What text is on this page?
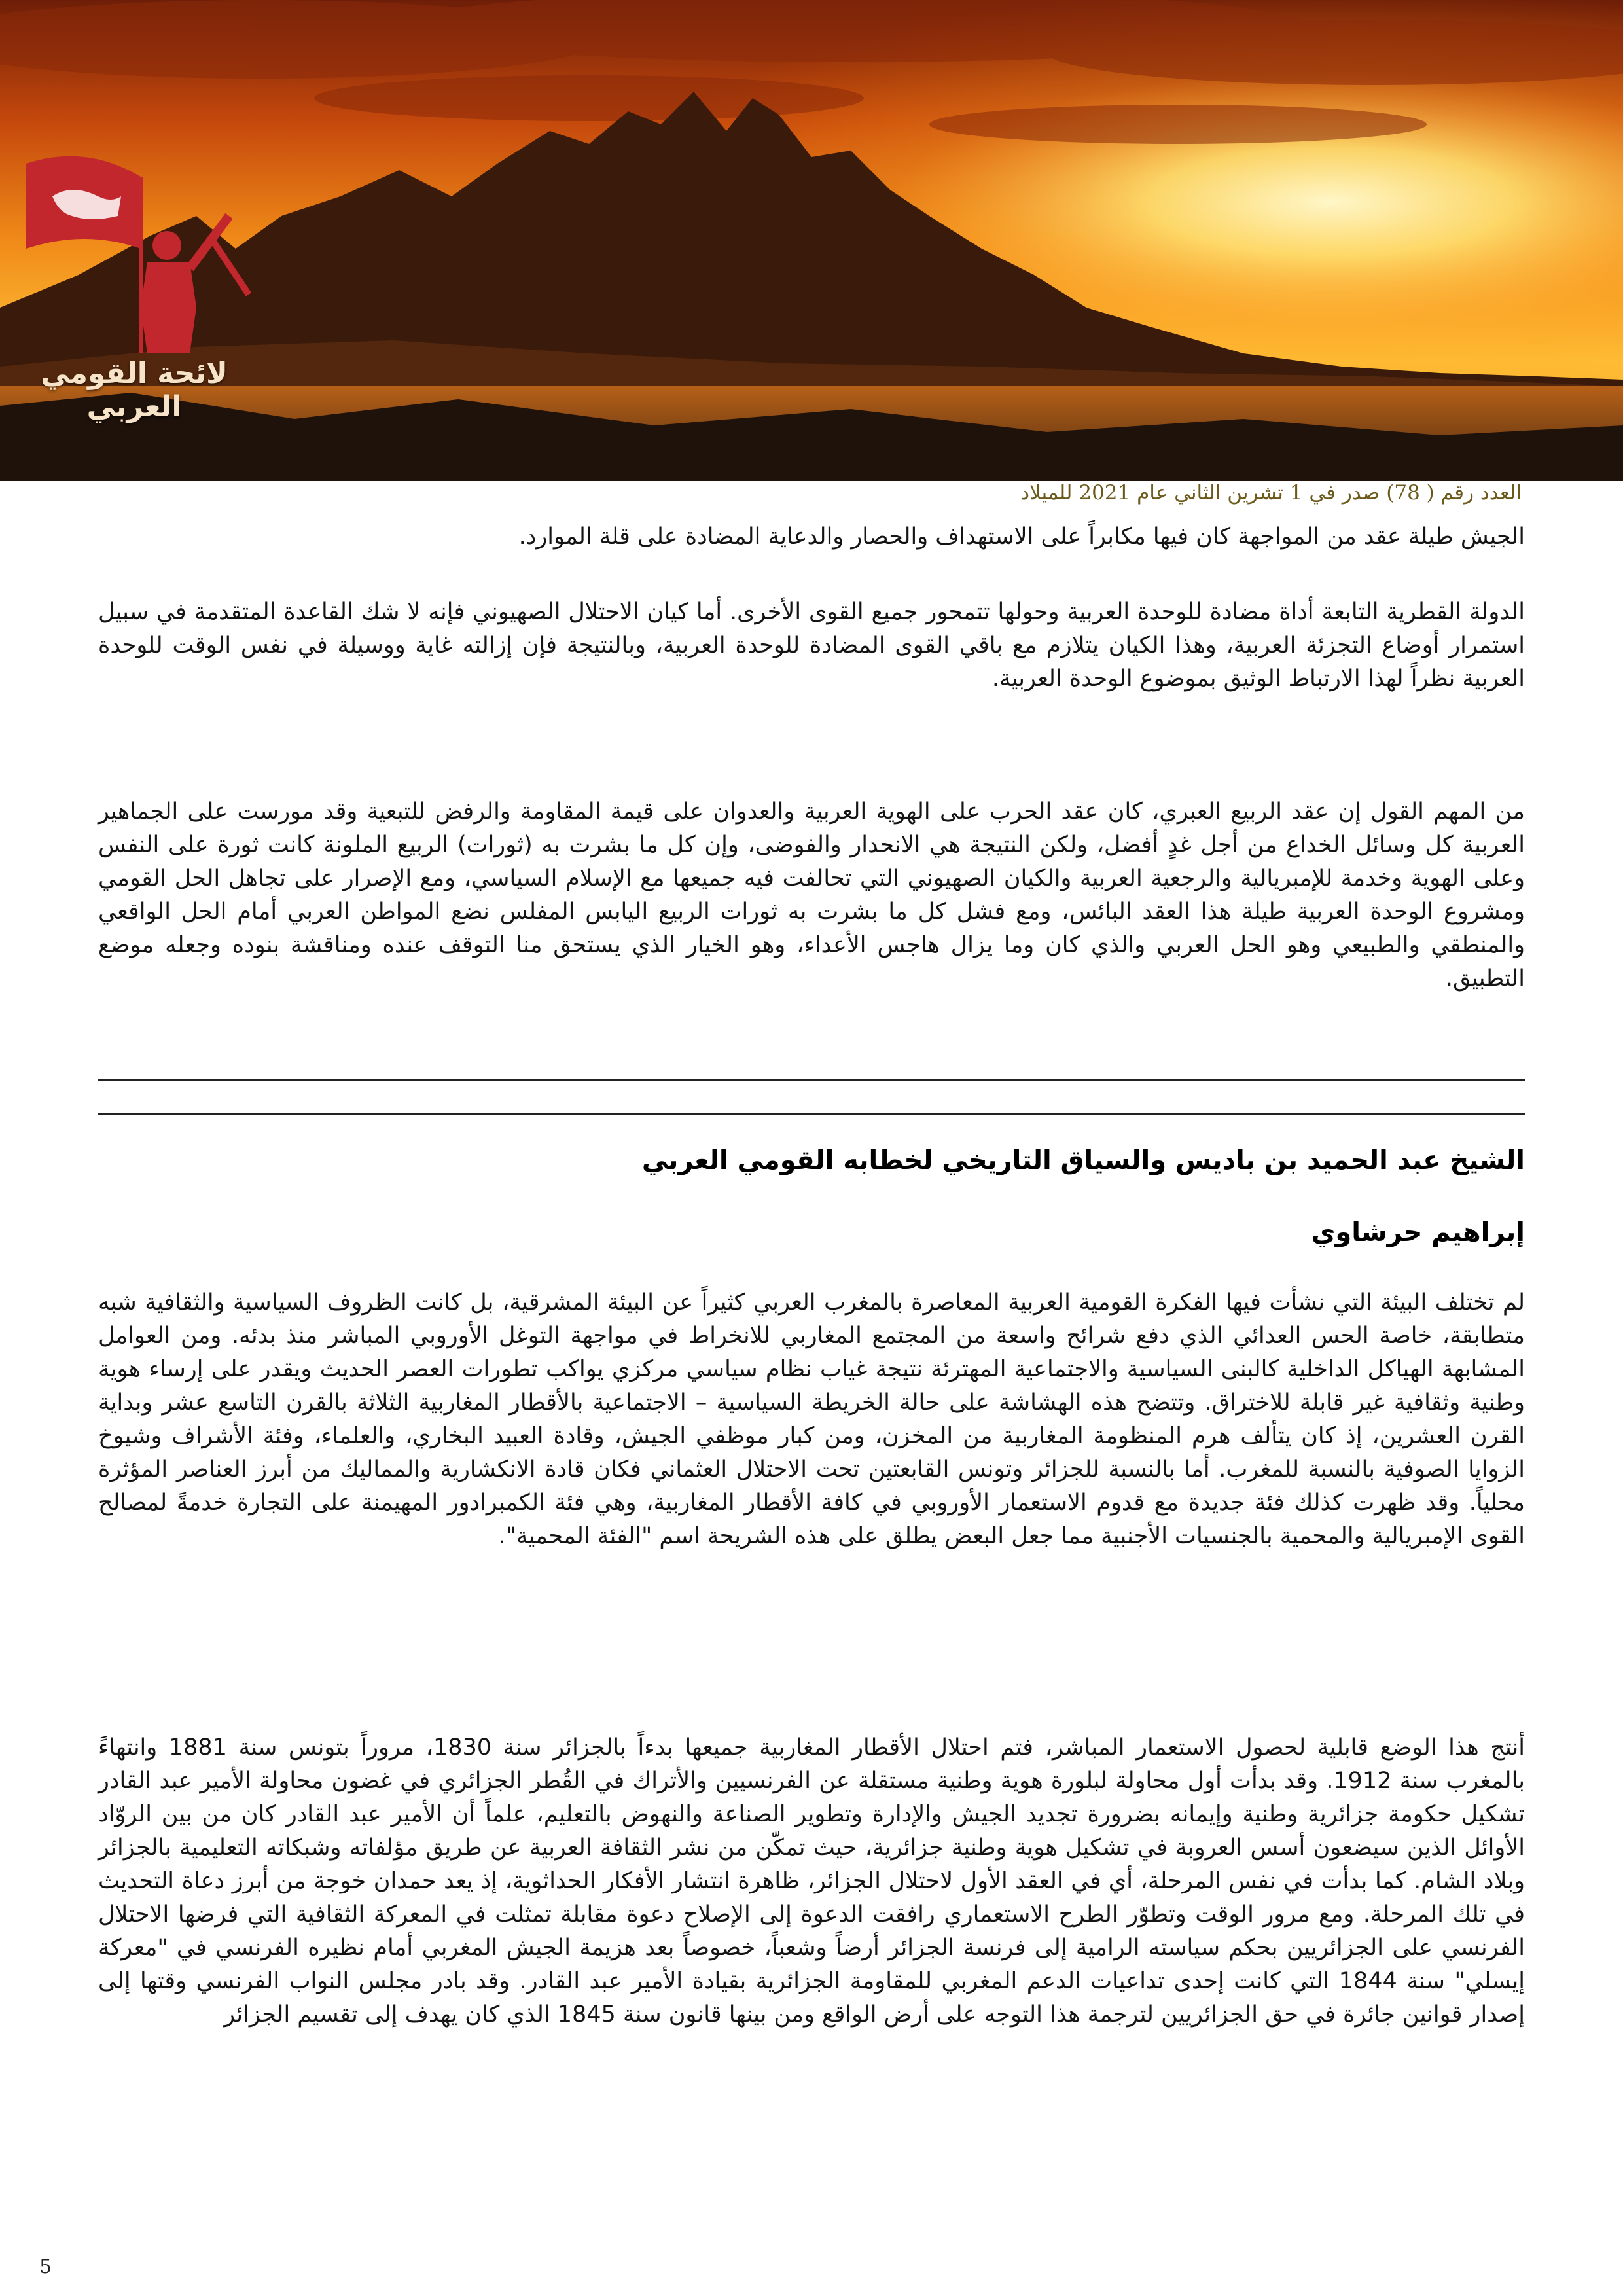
لائحة القومي العربي
العدد رقم ( 78) صدر في 1 تشرين الثاني عام 2021 للميلاد

الجيش طيلة عقد من المواجهة كان فيها مكابراً على الاستهداف والحصار والدعاية المضادة على قلة الموارد.

الدولة القطرية التابعة أداة مضادة للوحدة العربية وحولها تتمحور جميع القوى الأخرى. أما كيان الاحتلال الصهيوني فإنه لا شك القاعدة المتقدمة في سبيل استمرار أوضاع التجزئة العربية، وهذا الكيان يتلازم مع باقي القوى المضادة للوحدة العربية، وبالنتيجة فإن إزالته غاية ووسيلة في نفس الوقت للوحدة العربية نظراً لهذا الارتباط الوثيق بموضوع الوحدة العربية.

من المهم القول إن عقد الربيع العبري، كان عقد الحرب على الهوية العربية والعدوان على قيمة المقاومة والرفض للتبعية وقد مورست على الجماهير العربية كل وسائل الخداع من أجل غدٍ أفضل، ولكن النتيجة هي الانحدار والفوضى، وإن كل ما بشرت به (ثورات) الربيع الملونة كانت ثورة على النفس وعلى الهوية وخدمة للإمبريالية والرجعية العربية والكيان الصهيوني التي تحالفت فيه جميعها مع الإسلام السياسي، ومع الإصرار على تجاهل الحل القومي ومشروع الوحدة العربية طيلة هذا العقد البائس، ومع فشل كل ما بشرت به ثورات الربيع اليابس المفلس نضع المواطن العربي أمام الحل الواقعي والمنطقي والطبيعي وهو الحل العربي والذي كان وما يزال هاجس الأعداء، وهو الخيار الذي يستحق منا التوقف عنده ومناقشة بنوده وجعله موضع التطبيق.

الشيخ عبد الحميد بن باديس والسياق التاريخي لخطابه القومي العربي
إبراهيم حرشاوي

لم تختلف البيئة التي نشأت فيها الفكرة القومية العربية المعاصرة بالمغرب العربي كثيراً عن البيئة المشرقية، بل كانت الظروف السياسية والثقافية شبه متطابقة، خاصة الحس العدائي الذي دفع شرائح واسعة من المجتمع المغاربي للانخراط في مواجهة التوغل الأوروبي المباشر منذ بدئه. ومن العوامل المشابهة الهياكل الداخلية كالبنى السياسية والاجتماعية المهترئة نتيجة غياب نظام سياسي مركزي يواكب تطورات العصر الحديث ويقدر على إرساء هوية وطنية وثقافية غير قابلة للاختراق. وتتضح هذه الهشاشة على حالة الخريطة السياسية – الاجتماعية بالأقطار المغاربية الثلاثة بالقرن التاسع عشر وبداية القرن العشرين، إذ كان يتألف هرم المنظومة المغاربية من المخزن، ومن كبار موظفي الجيش، وقادة العبيد البخاري، والعلماء، وفئة الأشراف وشيوخ الزوايا الصوفية بالنسبة للمغرب. أما بالنسبة للجزائر وتونس القابعتين تحت الاحتلال العثماني فكان قادة الانكشارية والمماليك من أبرز العناصر المؤثرة محلياً. وقد ظهرت كذلك فئة جديدة مع قدوم الاستعمار الأوروبي في كافة الأقطار المغاربية، وهي فئة الكمبرادور المهيمنة على التجارة خدمةً لمصالح القوى الإمبريالية والمحمية بالجنسيات الأجنبية مما جعل البعض يطلق على هذه الشريحة اسم "الفئة المحمية".

أنتج هذا الوضع قابلية لحصول الاستعمار المباشر، فتم احتلال الأقطار المغاربية جميعها بدءاً بالجزائر سنة 1830، مروراً بتونس سنة 1881 وانتهاءً بالمغرب سنة 1912. وقد بدأت أول محاولة لبلورة هوية وطنية مستقلة عن الفرنسيين والأتراك في القُطر الجزائري في غضون محاولة الأمير عبد القادر تشكيل حكومة جزائرية وطنية وإيمانه بضرورة تجديد الجيش والإدارة وتطوير الصناعة والنهوض بالتعليم، علماً أن الأمير عبد القادر كان من بين الروّاد الأوائل الذين سيضعون أسس العروبة في تشكيل هوية وطنية جزائرية، حيث تمكّن من نشر الثقافة العربية عن طريق مؤلفاته وشبكاته التعليمية بالجزائر وبلاد الشام. كما بدأت في نفس المرحلة، أي في العقد الأول لاحتلال الجزائر، ظاهرة انتشار الأفكار الحداثوية، إذ يعد حمدان خوجة من أبرز دعاة التحديث في تلك المرحلة. ومع مرور الوقت وتطوّر الطرح الاستعماري رافقت الدعوة إلى الإصلاح دعوة مقابلة تمثلت في المعركة الثقافية التي فرضها الاحتلال الفرنسي على الجزائريين بحكم سياسته الرامية إلى فرنسة الجزائر أرضاً وشعباً، خصوصاً بعد هزيمة الجيش المغربي أمام نظيره الفرنسي في "معركة إيسلي" سنة 1844 التي كانت إحدى تداعيات الدعم المغربي للمقاومة الجزائرية بقيادة الأمير عبد القادر. وقد بادر مجلس النواب الفرنسي وقتها إلى إصدار قوانين جائرة في حق الجزائريين لترجمة هذا التوجه على أرض الواقع ومن بينها قانون سنة 1845 الذي كان يهدف إلى تقسيم الجزائر

5
